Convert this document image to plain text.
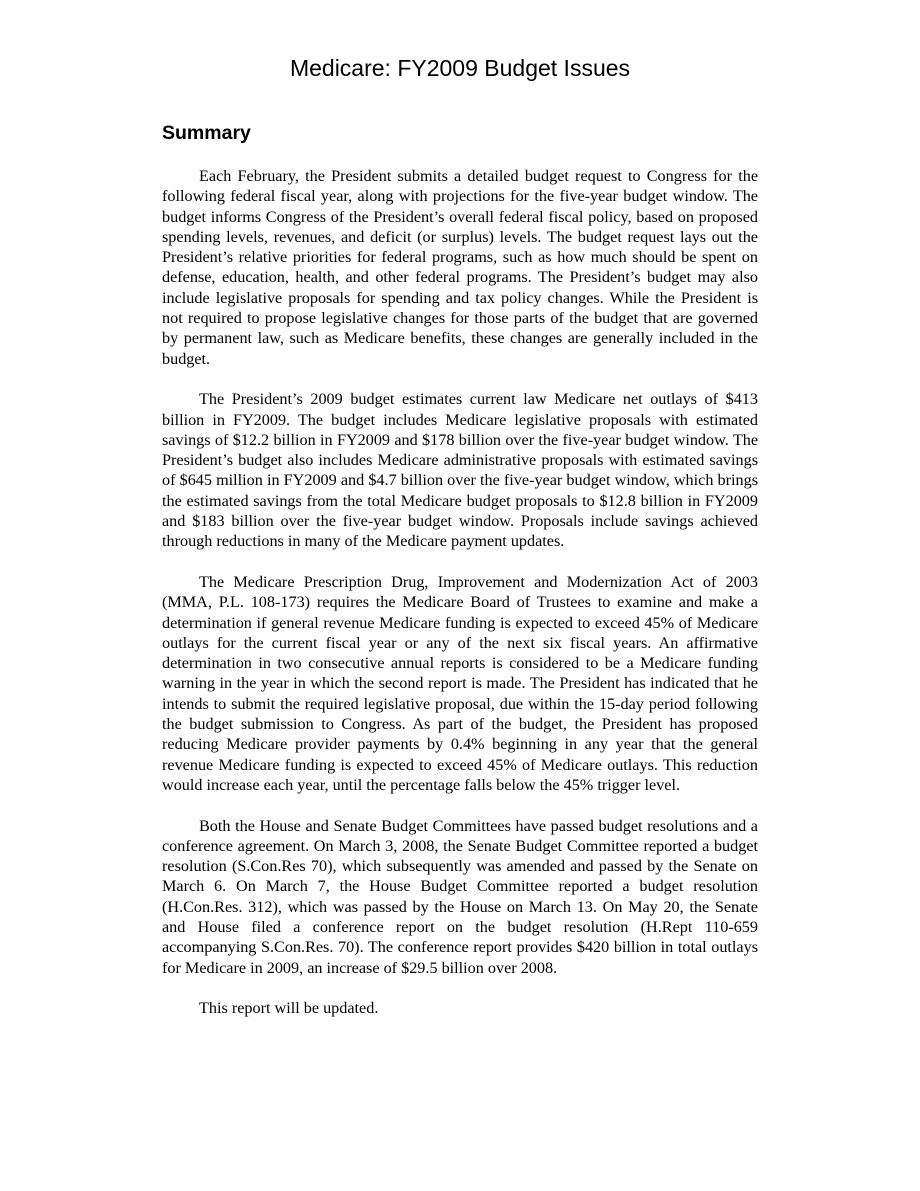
Medicare: FY2009 Budget Issues
Summary

Each February, the President submits a detailed budget request to Congress for the following federal fiscal year, along with projections for the five-year budget window. The budget informs Congress of the President’s overall federal fiscal policy, based on proposed spending levels, revenues, and deficit (or surplus) levels. The budget request lays out the President’s relative priorities for federal programs, such as how much should be spent on defense, education, health, and other federal programs. The President’s budget may also include legislative proposals for spending and tax policy changes. While the President is not required to propose legislative changes for those parts of the budget that are governed by permanent law, such as Medicare benefits, these changes are generally included in the budget.

The President’s 2009 budget estimates current law Medicare net outlays of $413 billion in FY2009. The budget includes Medicare legislative proposals with estimated savings of $12.2 billion in FY2009 and $178 billion over the five-year budget window. The President’s budget also includes Medicare administrative proposals with estimated savings of $645 million in FY2009 and $4.7 billion over the five-year budget window, which brings the estimated savings from the total Medicare budget proposals to $12.8 billion in FY2009 and $183 billion over the five-year budget window. Proposals include savings achieved through reductions in many of the Medicare payment updates.

The Medicare Prescription Drug, Improvement and Modernization Act of 2003 (MMA, P.L. 108-173) requires the Medicare Board of Trustees to examine and make a determination if general revenue Medicare funding is expected to exceed 45% of Medicare outlays for the current fiscal year or any of the next six fiscal years. An affirmative determination in two consecutive annual reports is considered to be a Medicare funding warning in the year in which the second report is made. The President has indicated that he intends to submit the required legislative proposal, due within the 15-day period following the budget submission to Congress. As part of the budget, the President has proposed reducing Medicare provider payments by 0.4% beginning in any year that the general revenue Medicare funding is expected to exceed 45% of Medicare outlays. This reduction would increase each year, until the percentage falls below the 45% trigger level.

Both the House and Senate Budget Committees have passed budget resolutions and a conference agreement. On March 3, 2008, the Senate Budget Committee reported a budget resolution (S.Con.Res 70), which subsequently was amended and passed by the Senate on March 6. On March 7, the House Budget Committee reported a budget resolution (H.Con.Res. 312), which was passed by the House on March 13. On May 20, the Senate and House filed a conference report on the budget resolution (H.Rept 110-659 accompanying S.Con.Res. 70). The conference report provides $420 billion in total outlays for Medicare in 2009, an increase of $29.5 billion over 2008.

This report will be updated.
